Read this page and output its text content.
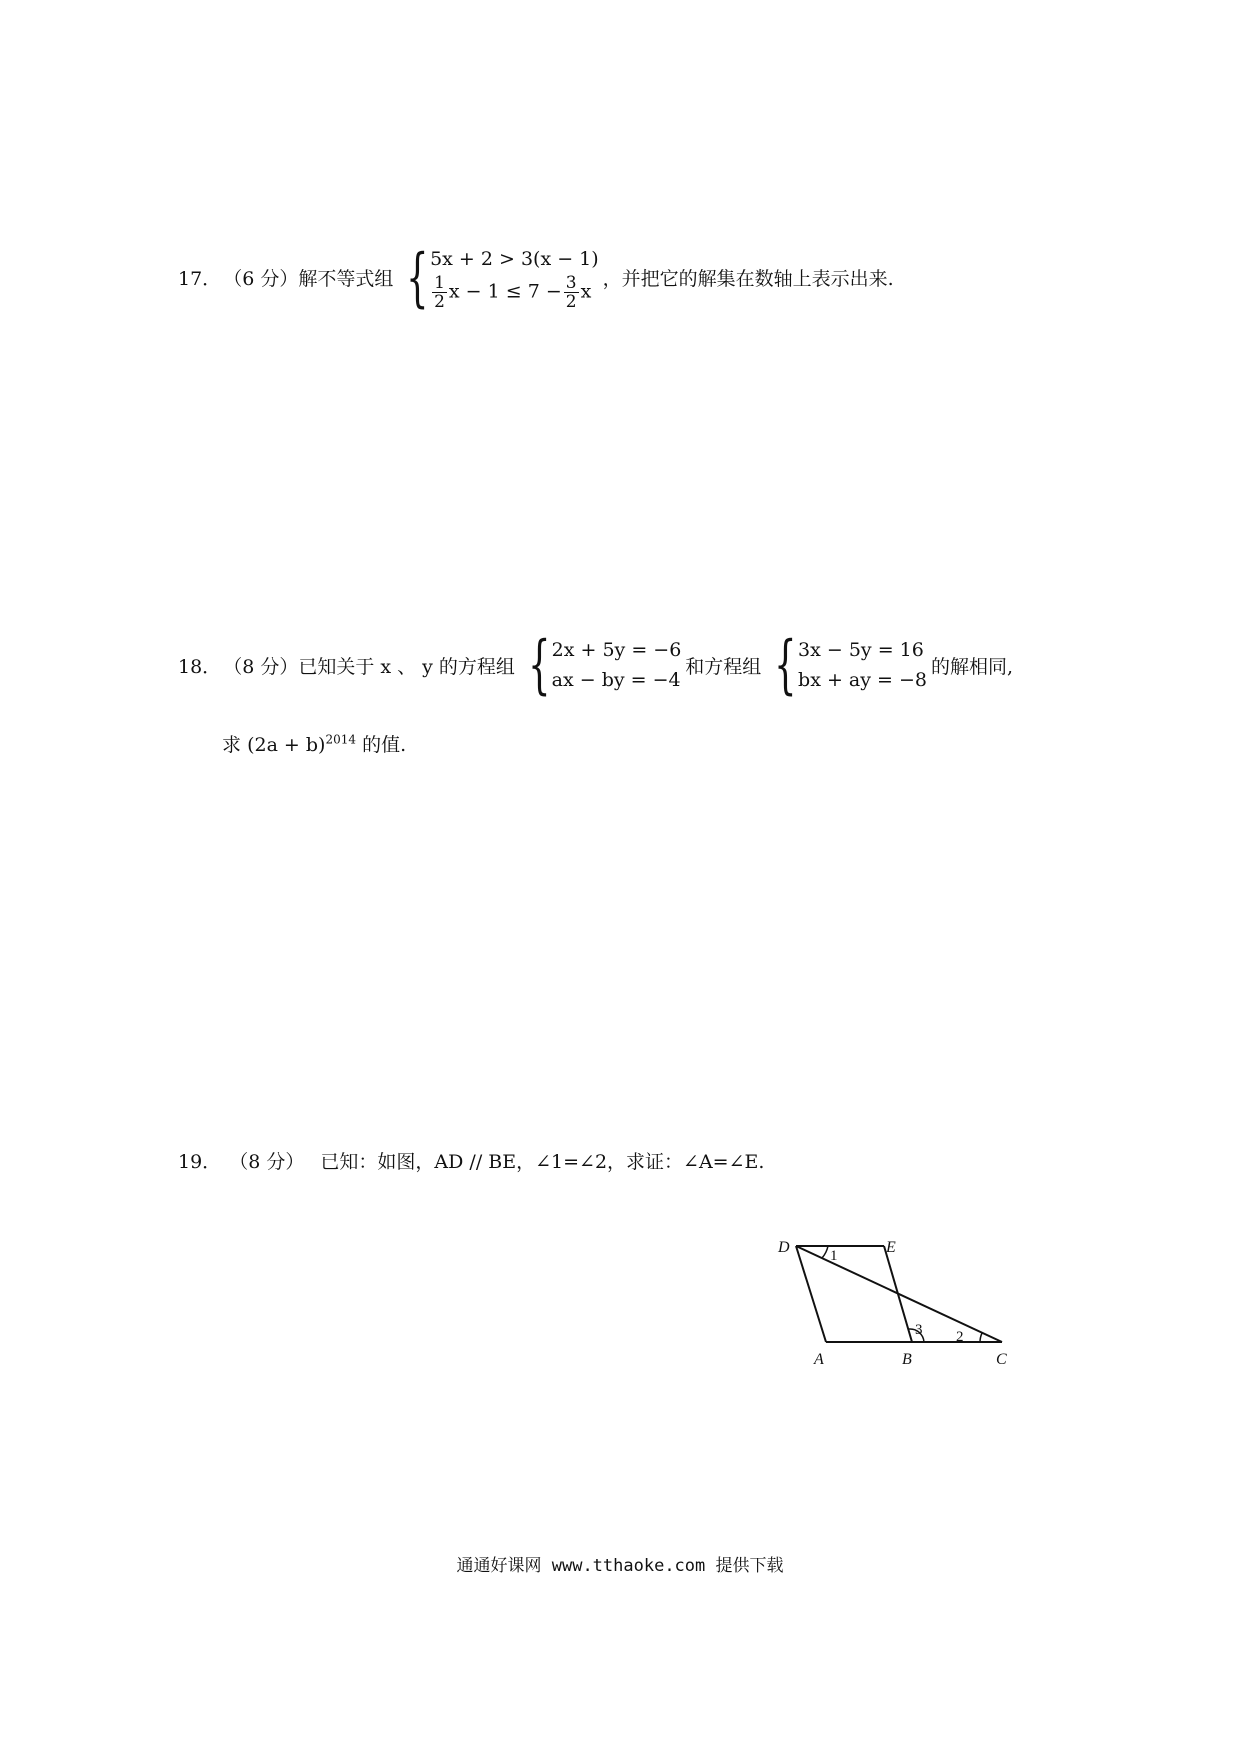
17． （6 分） 解不等式组 { 5x + 2 > 3(x − 1)
$\frac{1}{2}$ $x - 1 \le 7 - \frac{3}{2}$ x
，并把它的解集在数轴上表示出来.
18． （8 分） 已知关于 x 、 y 的方程组 { 2x + 5y = −6
ax − by = −4
和方程组 { 3x − 5y = 16
bx + ay = −8
的解相同,
求 $(2a + b)^{2014}$ 的值.
19． （8 分） 已知：如图，AD // BE，∠1=∠2，求证：∠A=∠E.
D	E
A	B	C
1
2
3
通通好课网 www.tthaoke.com 提供下载
